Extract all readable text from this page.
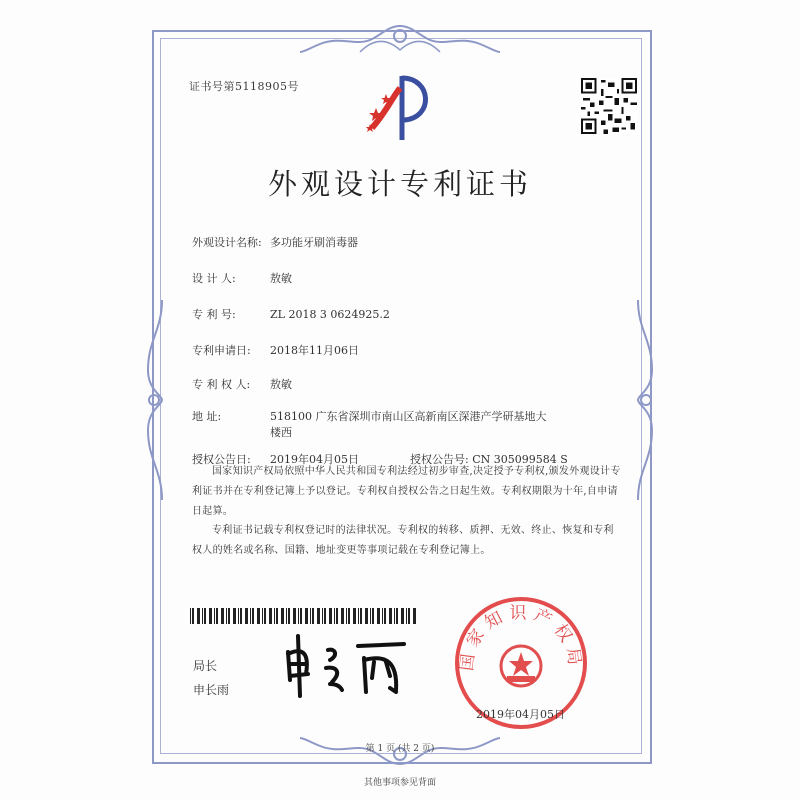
证书号第5118905号
外观设计专利证书
外观设计名称: 多功能牙刷消毒器
设 计 人:	敖敏
专 利 号:	ZL 2018 3 0624925.2
专利申请日: 2018年11月06日
专 利 权 人: 敖敏
地 址:	518100 广东省深圳市南山区高新南区深港产学研基地大
楼西
授权公告日: 2019年04月05日	授权公告号: CN 305099584 S
国家知识产权局依照中华人民共和国专利法经过初步审查,决定授予专利权,颁发外观设计专利证书并在专利登记簿上予以登记。专利权自授权公告之日起生效。专利权期限为十年,自申请日起算。
专利证书记载专利权登记时的法律状况。专利权的转移、质押、无效、终止、恢复和专利权人的姓名或名称、国籍、地址变更等事项记载在专利登记簿上。
局长
申长雨
国家知识产权局
2019年04月05日
第 1 页 (共 2 页)
其他事项参见背面
